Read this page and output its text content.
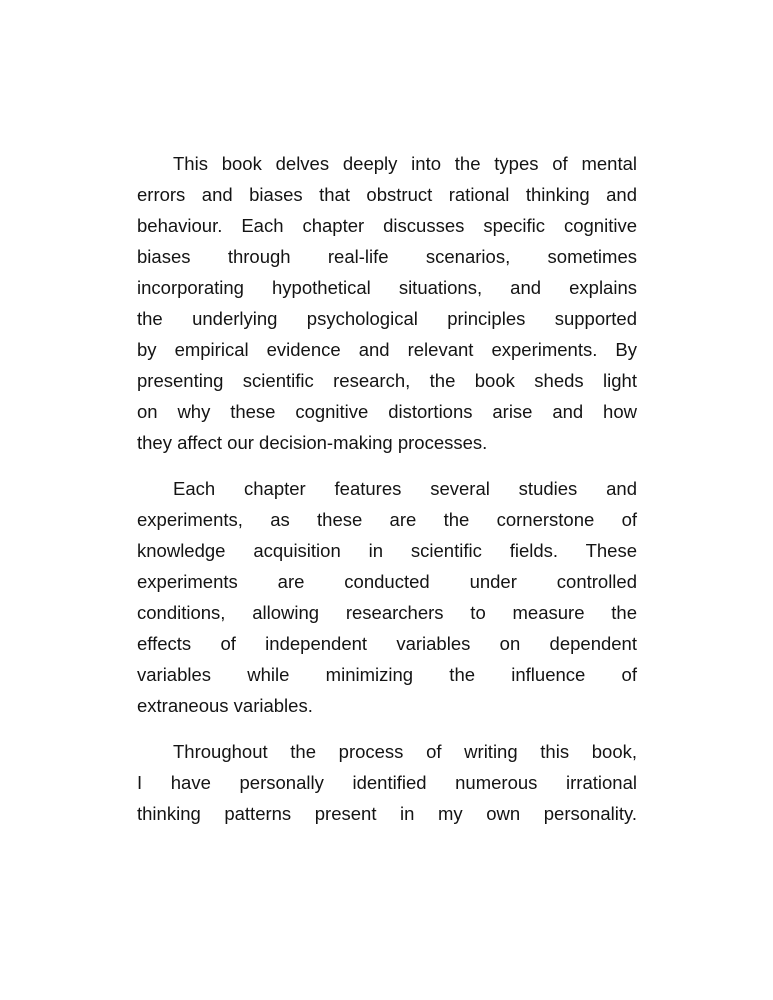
This book delves deeply into the types of mental
errors and biases that obstruct rational thinking and
behaviour. Each chapter discusses specific cognitive
biases through real-life scenarios, sometimes
incorporating hypothetical situations, and explains
the underlying psychological principles supported
by empirical evidence and relevant experiments. By
presenting scientific research, the book sheds light
on why these cognitive distortions arise and how
they affect our decision-making processes.
Each chapter features several studies and
experiments, as these are the cornerstone of
knowledge acquisition in scientific fields. These
experiments are conducted under controlled
conditions, allowing researchers to measure the
effects of independent variables on dependent
variables while minimizing the influence of
extraneous variables.
Throughout the process of writing this book,
I have personally identified numerous irrational
thinking patterns present in my own personality.
